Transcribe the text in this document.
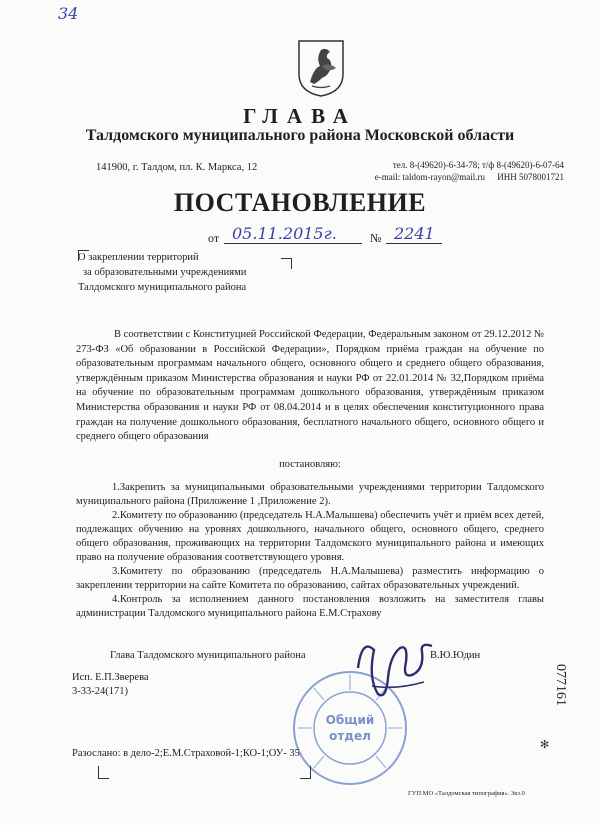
34
ГЛАВА
Талдомского муниципального района Московской области
141900, г. Талдом, пл. К. Маркса, 12	тел. 8-(49620)-6-34-78; т/ф 8-(49620)-6-07-64
e-mail: taldom-rayon@mail.ru ИНН 5078001721
ПОСТАНОВЛЕНИЕ
от 05.11.2015г.	№ 2241
О закреплении территорий
за образовательными учреждениями
Талдомского муниципального района

В соответствии с Конституцией Российской Федерации, Федеральным законом от 29.12.2012 № 273-ФЗ «Об образовании в Российской Федерации», Порядком приёма граждан на обучение по образовательным программам начального общего, основного общего и среднего общего образования, утверждённым приказом Министерства образования и науки РФ от 22.01.2014 № 32,Порядком приёма на обучение по образовательным программам дошкольного образования, утверждённым приказом Министерства образования и науки РФ от 08.04.2014 и в целях обеспечения конституционного права граждан на получение дошкольного образования, бесплатного начального общего, основного общего и среднего общего образования

постановляю:

1.Закрепить за муниципальными образовательными учреждениями территории Талдомского муниципального района (Приложение 1 ,Приложение 2).

2.Комитету по образованию (председатель Н.А.Малышева) обеспечить учёт и приём всех детей, подлежащих обучению на уровнях дошкольного, начального общего, основного общего, среднего общего образования, проживающих на территории Талдомского муниципального района и имеющих право на получение образования соответствующего уровня.

3.Комитету по образованию (председатель Н.А.Малышева) разместить информацию о закреплении территории на сайте Комитета по образованию, сайтах образовательных учреждений.

4.Контроль за исполнением данного постановления возложить на заместителя главы администрации Талдомского муниципального района Е.М.Страхову

Общий отдел
Глава Талдомского муниципального района	В.Ю.Юдин
Исп. Е.П.Зверева
3-33-24(171)	077161
Разослано: в дело-2;Е.М.Страховой-1;КО-1;ОУ- 35
✻
ГУП МО «Талдомская типография». Зкз.0
